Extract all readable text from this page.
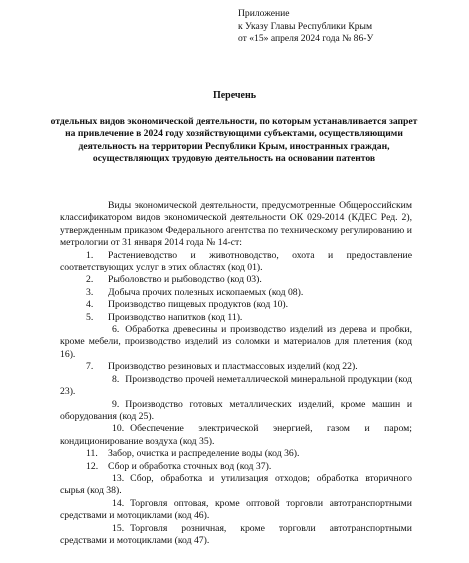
Приложение
к Указу Главы Республики Крым
от «15» апреля 2024 года № 86-У
Перечень
отдельных видов экономической деятельности, по которым устанавливается запрет на привлечение в 2024 году хозяйствующими субъектами, осуществляющими деятельность на территории Республики Крым, иностранных граждан, осуществляющих трудовую деятельность на основании патентов
Виды экономической деятельности, предусмотренные Общероссийским классификатором видов экономической деятельности ОК 029-2014 (КДЕС Ред. 2), утвержденным приказом Федерального агентства по техническому регулированию и метрологии от 31 января 2014 года № 14-ст:
1. Растениеводство и животноводство, охота и предоставление соответствующих услуг в этих областях (код 01).
2. Рыболовство и рыбоводство (код 03).
3. Добыча прочих полезных ископаемых (код 08).
4. Производство пищевых продуктов (код 10).
5. Производство напитков (код 11).
6. Обработка древесины и производство изделий из дерева и пробки, кроме мебели, производство изделий из соломки и материалов для плетения (код 16).
7. Производство резиновых и пластмассовых изделий (код 22).
8. Производство прочей неметаллической минеральной продукции (код 23).
9. Производство готовых металлических изделий, кроме машин и оборудования (код 25).
10. Обеспечение электрической энергией, газом и паром; кондиционирование воздуха (код 35).
11. Забор, очистка и распределение воды (код 36).
12. Сбор и обработка сточных вод (код 37).
13. Сбор, обработка и утилизация отходов; обработка вторичного сырья (код 38).
14. Торговля оптовая, кроме оптовой торговли автотранспортными средствами и мотоциклами (код 46).
15. Торговля розничная, кроме торговли автотранспортными средствами и мотоциклами (код 47).
